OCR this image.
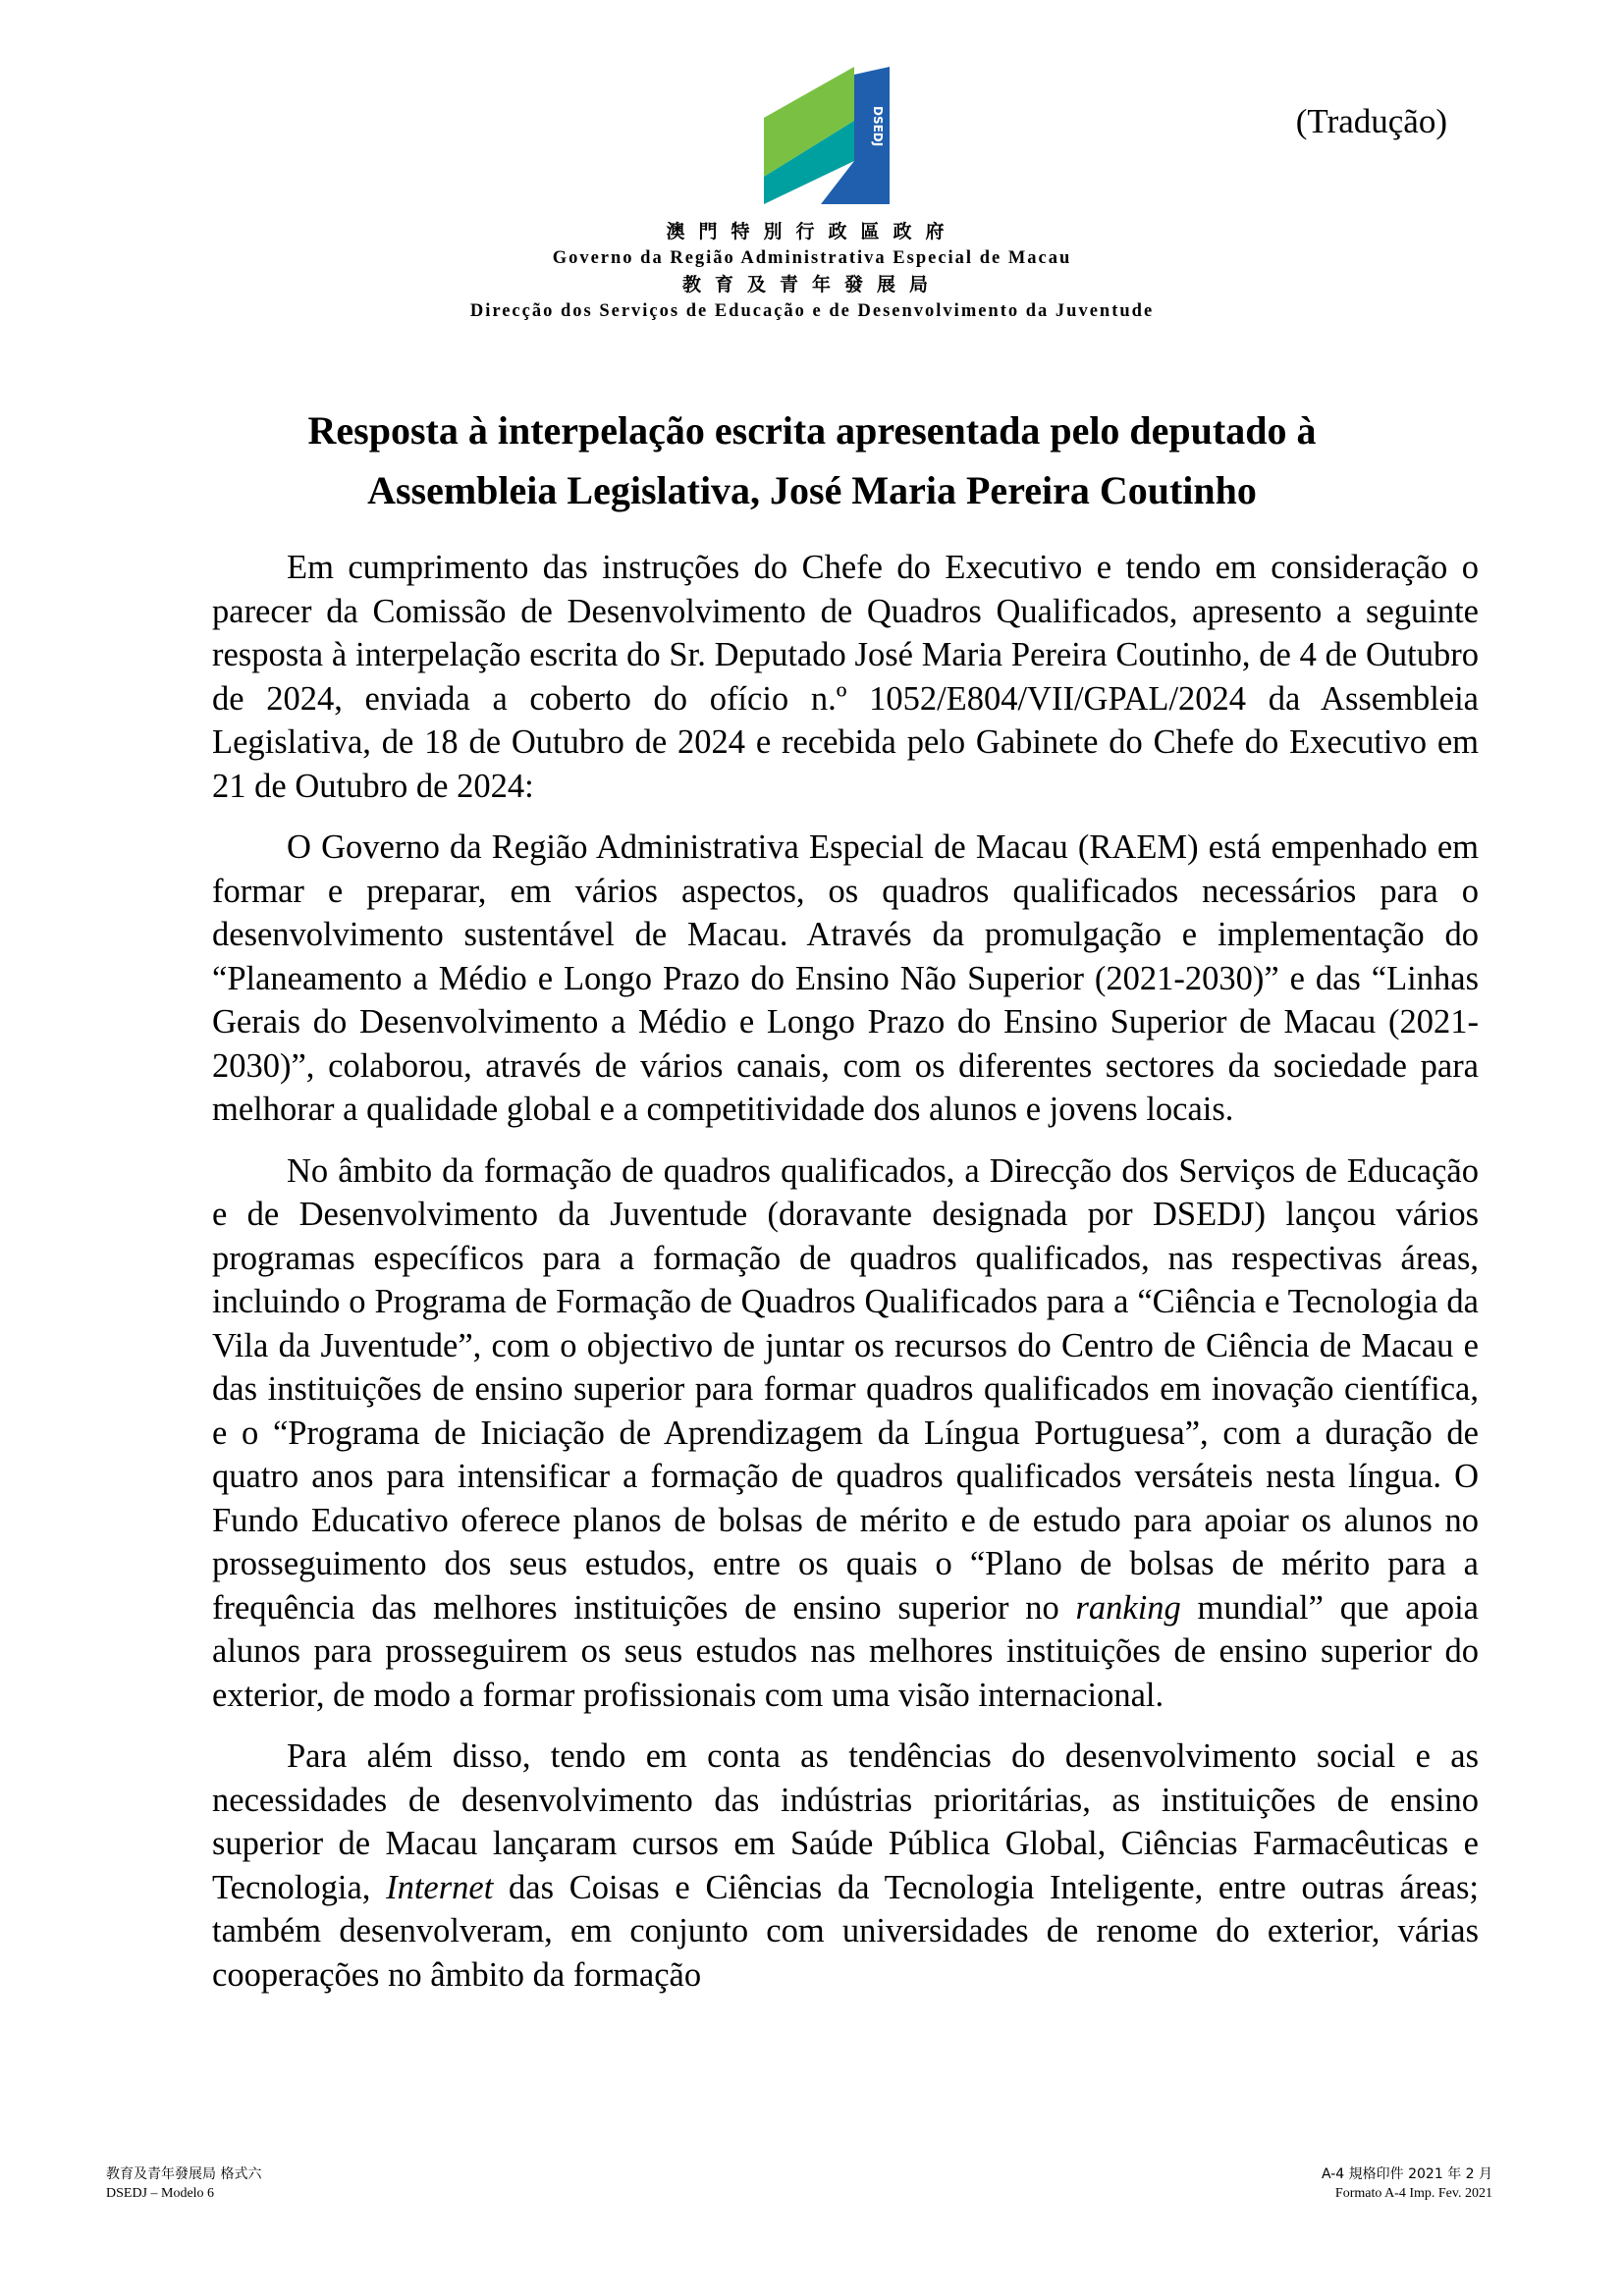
(Tradução)
DSEDJ
澳門特別行政區政府
Governo da Região Administrativa Especial de Macau
教育及青年發展局
Direcção dos Serviços de Educação e de Desenvolvimento da Juventude
Resposta à interpelação escrita apresentada pelo deputado à
Assembleia Legislativa, José Maria Pereira Coutinho

Em cumprimento das instruções do Chefe do Executivo e tendo em consideração o parecer da Comissão de Desenvolvimento de Quadros Qualificados, apresento a seguinte resposta à interpelação escrita do Sr. Deputado José Maria Pereira Coutinho, de 4 de Outubro de 2024, enviada a coberto do ofício n.º 1052/E804/VII/GPAL/2024 da Assembleia Legislativa, de 18 de Outubro de 2024 e recebida pelo Gabinete do Chefe do Executivo em 21 de Outubro de 2024:

O Governo da Região Administrativa Especial de Macau (RAEM) está empenhado em formar e preparar, em vários aspectos, os quadros qualificados necessários para o desenvolvimento sustentável de Macau. Através da promulgação e implementação do “Planeamento a Médio e Longo Prazo do Ensino Não Superior (2021-2030)” e das “Linhas Gerais do Desenvolvimento a Médio e Longo Prazo do Ensino Superior de Macau (2021-2030)”, colaborou, através de vários canais, com os diferentes sectores da sociedade para melhorar a qualidade global e a competitividade dos alunos e jovens locais.

No âmbito da formação de quadros qualificados, a Direcção dos Serviços de Educação e de Desenvolvimento da Juventude (doravante designada por DSEDJ) lançou vários programas específicos para a formação de quadros qualificados, nas respectivas áreas, incluindo o Programa de Formação de Quadros Qualificados para a “Ciência e Tecnologia da Vila da Juventude”, com o objectivo de juntar os recursos do Centro de Ciência de Macau e das instituições de ensino superior para formar quadros qualificados em inovação científica, e o “Programa de Iniciação de Aprendizagem da Língua Portuguesa”, com a duração de quatro anos para intensificar a formação de quadros qualificados versáteis nesta língua. O Fundo Educativo oferece planos de bolsas de mérito e de estudo para apoiar os alunos no prosseguimento dos seus estudos, entre os quais o “Plano de bolsas de mérito para a frequência das melhores instituições de ensino superior no ranking mundial” que apoia alunos para prosseguirem os seus estudos nas melhores instituições de ensino superior do exterior, de modo a formar profissionais com uma visão internacional.

Para além disso, tendo em conta as tendências do desenvolvimento social e as necessidades de desenvolvimento das indústrias prioritárias, as instituições de ensino superior de Macau lançaram cursos em Saúde Pública Global, Ciências Farmacêuticas e Tecnologia, Internet das Coisas e Ciências da Tecnologia Inteligente, entre outras áreas; também desenvolveram, em conjunto com universidades de renome do exterior, várias cooperações no âmbito da formação

教育及青年發展局 格式六
DSEDJ – Modelo 6
A-4 規格印件 2021 年 2 月
Formato A-4 Imp. Fev. 2021
